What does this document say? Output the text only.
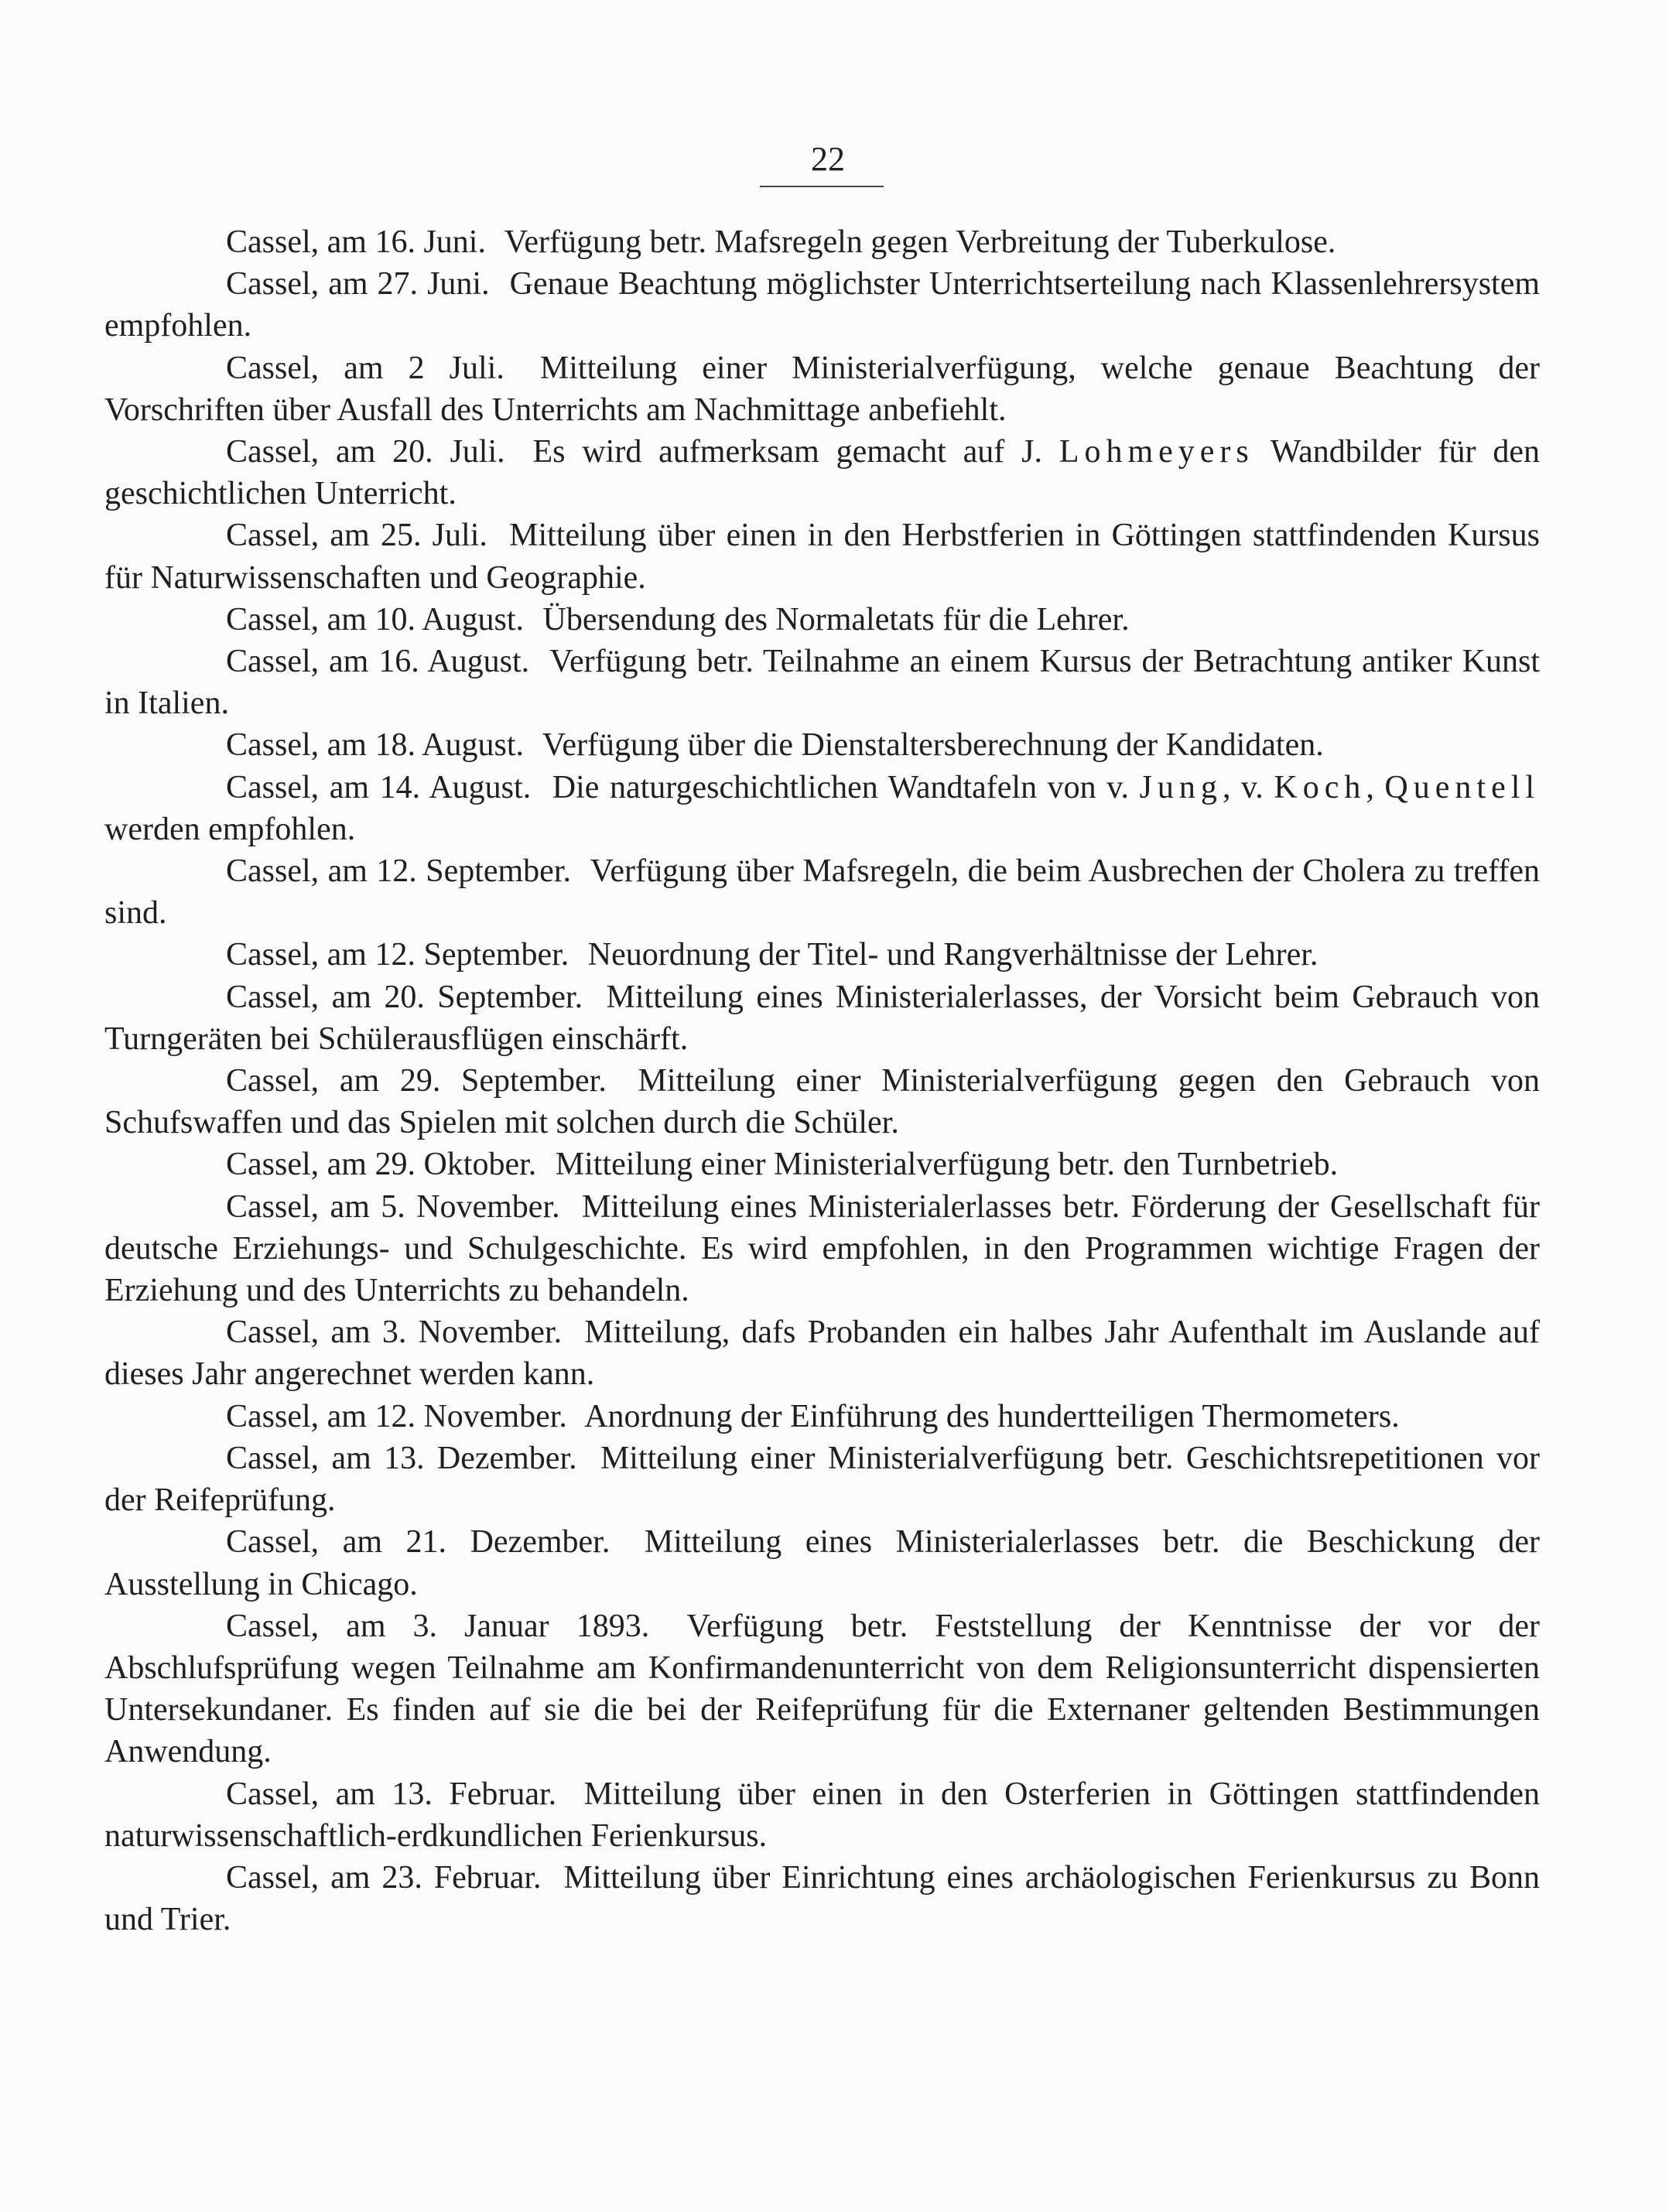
22

Cassel, am 16. Juni. Verfügung betr. Mafsregeln gegen Verbreitung der Tuberkulose.

Cassel, am 27. Juni. Genaue Beachtung möglichster Unterrichtserteilung nach Klassenlehrersystem empfohlen.

Cassel, am 2 Juli. Mitteilung einer Ministerialverfügung, welche genaue Beachtung der Vorschriften über Ausfall des Unterrichts am Nachmittage anbefiehlt.

Cassel, am 20. Juli. Es wird aufmerksam gemacht auf J. Lohmeyers Wandbilder für den geschichtlichen Unterricht.

Cassel, am 25. Juli. Mitteilung über einen in den Herbstferien in Göttingen stattfindenden Kursus für Naturwissenschaften und Geographie.

Cassel, am 10. August. Übersendung des Normaletats für die Lehrer.

Cassel, am 16. August. Verfügung betr. Teilnahme an einem Kursus der Betrachtung antiker Kunst in Italien.

Cassel, am 18. August. Verfügung über die Dienstaltersberechnung der Kandidaten.

Cassel, am 14. August. Die naturgeschichtlichen Wandtafeln von v. Jung, v. Koch, Quentell werden empfohlen.

Cassel, am 12. September. Verfügung über Mafsregeln, die beim Ausbrechen der Cholera zu treffen sind.

Cassel, am 12. September. Neuordnung der Titel- und Rangverhältnisse der Lehrer.

Cassel, am 20. September. Mitteilung eines Ministerialerlasses, der Vorsicht beim Gebrauch von Turngeräten bei Schülerausflügen einschärft.

Cassel, am 29. September. Mitteilung einer Ministerialverfügung gegen den Gebrauch von Schufswaffen und das Spielen mit solchen durch die Schüler.

Cassel, am 29. Oktober. Mitteilung einer Ministerialverfügung betr. den Turnbetrieb.

Cassel, am 5. November. Mitteilung eines Ministerialerlasses betr. Förderung der Gesellschaft für deutsche Erziehungs- und Schulgeschichte. Es wird empfohlen, in den Programmen wichtige Fragen der Erziehung und des Unterrichts zu behandeln.

Cassel, am 3. November. Mitteilung, dafs Probanden ein halbes Jahr Aufenthalt im Auslande auf dieses Jahr angerechnet werden kann.

Cassel, am 12. November. Anordnung der Einführung des hundertteiligen Thermometers.

Cassel, am 13. Dezember. Mitteilung einer Ministerialverfügung betr. Geschichtsrepetitionen vor der Reifeprüfung.

Cassel, am 21. Dezember. Mitteilung eines Ministerialerlasses betr. die Beschickung der Ausstellung in Chicago.

Cassel, am 3. Januar 1893. Verfügung betr. Feststellung der Kenntnisse der vor der Abschlufsprüfung wegen Teilnahme am Konfirmandenunterricht von dem Religionsunterricht dispensierten Untersekundaner. Es finden auf sie die bei der Reifeprüfung für die Externaner geltenden Bestimmungen Anwendung.

Cassel, am 13. Februar. Mitteilung über einen in den Osterferien in Göttingen stattfindenden naturwissenschaftlich-erdkundlichen Ferienkursus.

Cassel, am 23. Februar. Mitteilung über Einrichtung eines archäologischen Ferienkursus zu Bonn und Trier.
